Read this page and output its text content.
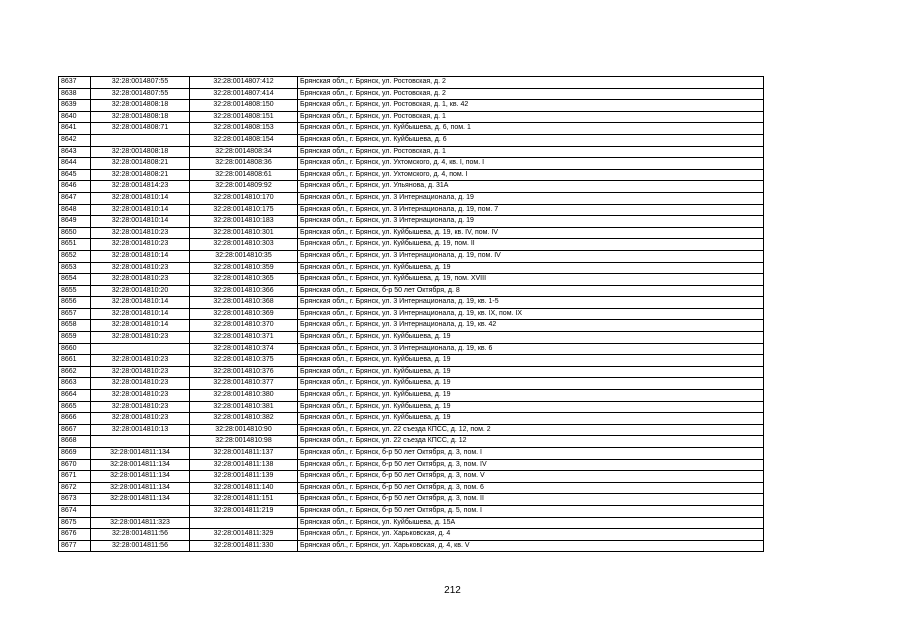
8637	32:28:0014807:55	32:28:0014807:412	Брянская обл., г. Брянск, ул. Ростовская, д. 2
8638	32:28:0014807:55	32:28:0014807:414	Брянская обл., г. Брянск, ул. Ростовская, д. 2
8639	32:28:0014808:18	32:28:0014808:150	Брянская обл., г. Брянск, ул. Ростовская, д. 1, кв. 42
8640	32:28:0014808:18	32:28:0014808:151	Брянская обл., г. Брянск, ул. Ростовская, д. 1
8641	32:28:0014808:71	32:28:0014808:153	Брянская обл., г. Брянск, ул. Куйбышева, д. 6, пом. 1
8642		32:28:0014808:154	Брянская обл., г. Брянск, ул. Куйбышева, д. 6
8643	32:28:0014808:18	32:28:0014808:34	Брянская обл., г. Брянск, ул. Ростовская, д. 1
8644	32:28:0014808:21	32:28:0014808:36	Брянская обл., г. Брянск, ул. Ухтомского, д. 4, кв. I, пом. I
8645	32:28:0014808:21	32:28:0014808:61	Брянская обл., г. Брянск, ул. Ухтомского, д. 4, пом. I
8646	32:28:0014814:23	32:28:0014809:92	Брянская обл., г. Брянск, ул. Ульянова, д. 31А
8647	32:28:0014810:14	32:28:0014810:170	Брянская обл., г. Брянск, ул. 3 Интернационала, д. 19
8648	32:28:0014810:14	32:28:0014810:175	Брянская обл., г. Брянск, ул. 3 Интернационала, д. 19, пом. 7
8649	32:28:0014810:14	32:28:0014810:183	Брянская обл., г. Брянск, ул. 3 Интернационала, д. 19
8650	32:28:0014810:23	32:28:0014810:301	Брянская обл., г. Брянск, ул. Куйбышева, д. 19, кв. IV, пом. IV
8651	32:28:0014810:23	32:28:0014810:303	Брянская обл., г. Брянск, ул. Куйбышева, д. 19, пом. II
8652	32:28:0014810:14	32:28:0014810:35	Брянская обл., г. Брянск, ул. 3 Интернационала, д. 19, пом. IV
8653	32:28:0014810:23	32:28:0014810:359	Брянская обл., г. Брянск, ул. Куйбышева, д. 19
8654	32:28:0014810:23	32:28:0014810:365	Брянская обл., г. Брянск, ул. Куйбышева, д. 19, пом. XVIII
8655	32:28:0014810:20	32:28:0014810:366	Брянская обл., г. Брянск, б-р 50 лет Октября, д. 8
8656	32:28:0014810:14	32:28:0014810:368	Брянская обл., г. Брянск, ул. 3 Интернационала, д. 19, кв. 1-5
8657	32:28:0014810:14	32:28:0014810:369	Брянская обл., г. Брянск, ул. 3 Интернационала, д. 19, кв. IX, пом. IX
8658	32:28:0014810:14	32:28:0014810:370	Брянская обл., г. Брянск, ул. 3 Интернационала, д. 19, кв. 42
8659	32:28:0014810:23	32:28:0014810:371	Брянская обл., г. Брянск, ул. Куйбышева, д. 19
8660		32:28:0014810:374	Брянская обл., г. Брянск, ул. 3 Интернационала, д. 19, кв. 6
8661	32:28:0014810:23	32:28:0014810:375	Брянская обл., г. Брянск, ул. Куйбышева, д. 19
8662	32:28:0014810:23	32:28:0014810:376	Брянская обл., г. Брянск, ул. Куйбышева, д. 19
8663	32:28:0014810:23	32:28:0014810:377	Брянская обл., г. Брянск, ул. Куйбышева, д. 19
8664	32:28:0014810:23	32:28:0014810:380	Брянская обл., г. Брянск, ул. Куйбышева, д. 19
8665	32:28:0014810:23	32:28:0014810:381	Брянская обл., г. Брянск, ул. Куйбышева, д. 19
8666	32:28:0014810:23	32:28:0014810:382	Брянская обл., г. Брянск, ул. Куйбышева, д. 19
8667	32:28:0014810:13	32:28:0014810:90	Брянская обл., г. Брянск, ул. 22 съезда КПСС, д. 12, пом. 2
8668		32:28:0014810:98	Брянская обл., г. Брянск, ул. 22 съезда КПСС, д. 12
8669	32:28:0014811:134	32:28:0014811:137	Брянская обл., г. Брянск, б-р 50 лет Октября, д. 3, пом. I
8670	32:28:0014811:134	32:28:0014811:138	Брянская обл., г. Брянск, б-р 50 лет Октября, д. 3, пом. IV
8671	32:28:0014811:134	32:28:0014811:139	Брянская обл., г. Брянск, б-р 50 лет Октября, д. 3, пом. V
8672	32:28:0014811:134	32:28:0014811:140	Брянская обл., г. Брянск, б-р 50 лет Октября, д. 3, пом. 6
8673	32:28:0014811:134	32:28:0014811:151	Брянская обл., г. Брянск, б-р 50 лет Октября, д. 3, пом. II
8674		32:28:0014811:219	Брянская обл., г. Брянск, б-р 50 лет Октября, д. 5, пом. I
8675	32:28:0014811:323		Брянская обл., г. Брянск, ул. Куйбышева, д. 15А
8676	32:28:0014811:56	32:28:0014811:329	Брянская обл., г. Брянск, ул. Харьковская, д. 4
8677	32:28:0014811:56	32:28:0014811:330	Брянская обл., г. Брянск, ул. Харьковская, д. 4, кв. V
212
